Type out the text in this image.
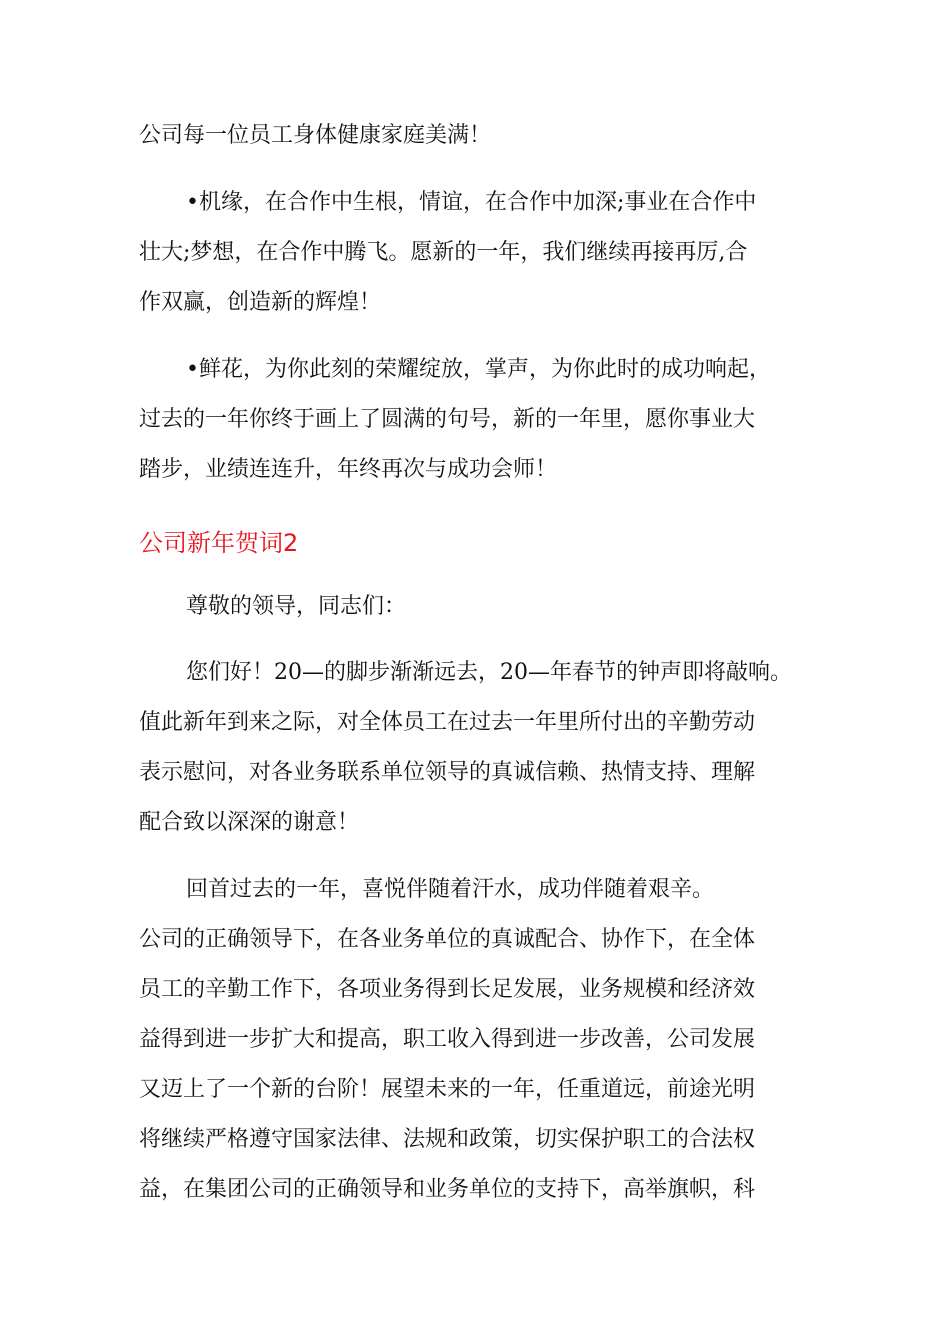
公司每一位员工身体健康家庭美满！
•机缘，在合作中生根，情谊，在合作中加深;事业在合作中
壮大;梦想，在合作中腾飞。愿新的一年，我们继续再接再厉,合
作双赢，创造新的辉煌！
•鲜花，为你此刻的荣耀绽放，掌声，为你此时的成功响起，
过去的一年你终于画上了圆满的句号，新的一年里，愿你事业大
踏步，业绩连连升，年终再次与成功会师！
公司新年贺词2
尊敬的领导，同志们：
您们好！20—的脚步渐渐远去，20—年春节的钟声即将敲响。
值此新年到来之际，对全体员工在过去一年里所付出的辛勤劳动
表示慰问，对各业务联系单位领导的真诚信赖、热情支持、理解
配合致以深深的谢意！
回首过去的一年，喜悦伴随着汗水，成功伴随着艰辛。
公司的正确领导下，在各业务单位的真诚配合、协作下，在全体
员工的辛勤工作下，各项业务得到长足发展，业务规模和经济效
益得到进一步扩大和提高，职工收入得到进一步改善，公司发展
又迈上了一个新的台阶！展望未来的一年，任重道远，前途光明
将继续严格遵守国家法律、法规和政策，切实保护职工的合法权
益，在集团公司的正确领导和业务单位的支持下，高举旗帜，科
